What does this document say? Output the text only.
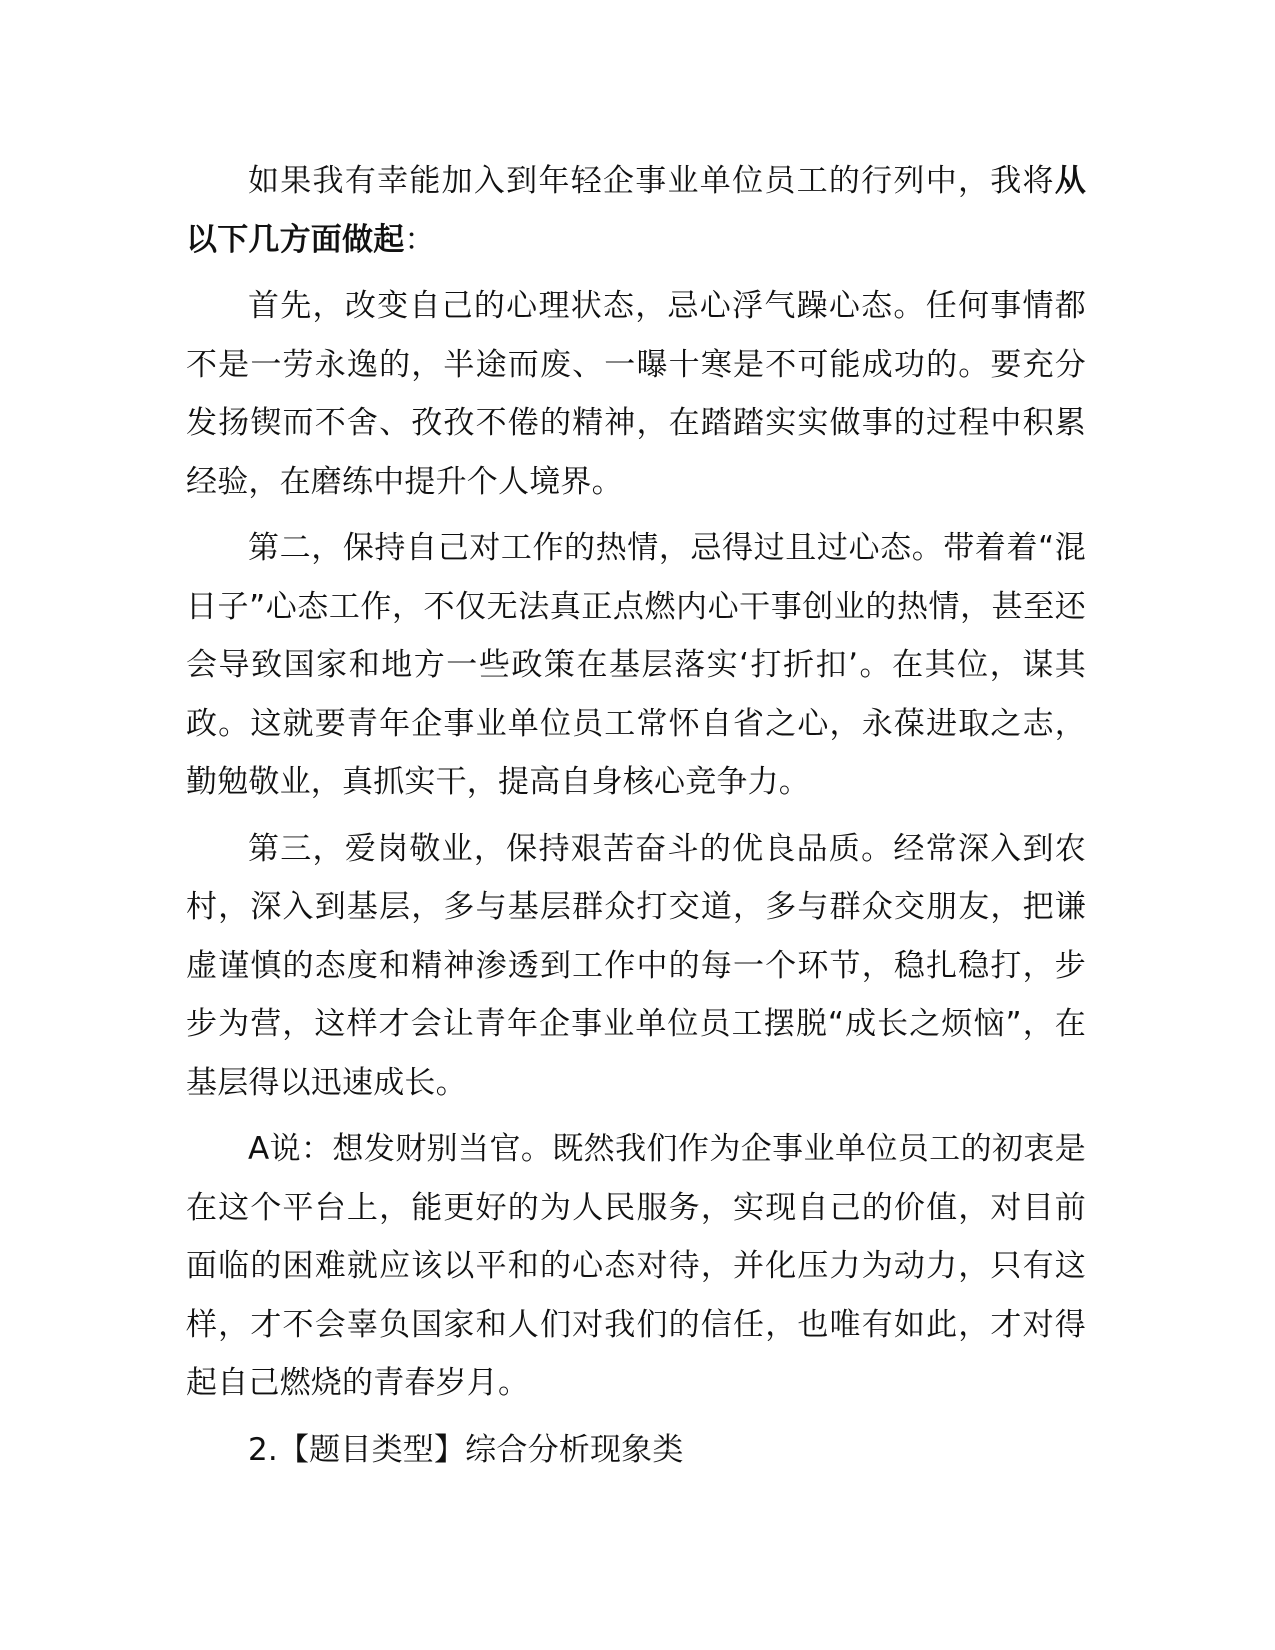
如果我有幸能加入到年轻企事业单位员工的行列中，我将从以下几方面做起：

首先，改变自己的心理状态，忌心浮气躁心态。任何事情都不是一劳永逸的，半途而废、一曝十寒是不可能成功的。要充分发扬锲而不舍、孜孜不倦的精神，在踏踏实实做事的过程中积累经验，在磨练中提升个人境界。

第二，保持自己对工作的热情，忌得过且过心态。带着着“混日子”心态工作，不仅无法真正点燃内心干事创业的热情，甚至还会导致国家和地方一些政策在基层落实‘打折扣’。在其位，谋其政。这就要青年企事业单位员工常怀自省之心，永葆进取之志，勤勉敬业，真抓实干，提高自身核心竞争力。

第三，爱岗敬业，保持艰苦奋斗的优良品质。经常深入到农村，深入到基层，多与基层群众打交道，多与群众交朋友，把谦虚谨慎的态度和精神渗透到工作中的每一个环节，稳扎稳打，步步为营，这样才会让青年企事业单位员工摆脱“成长之烦恼”，在基层得以迅速成长。

A说：想发财别当官。既然我们作为企事业单位员工的初衷是在这个平台上，能更好的为人民服务，实现自己的价值，对目前面临的困难就应该以平和的心态对待，并化压力为动力，只有这样，才不会辜负国家和人们对我们的信任，也唯有如此，才对得起自己燃烧的青春岁月。

2.【题目类型】综合分析现象类
